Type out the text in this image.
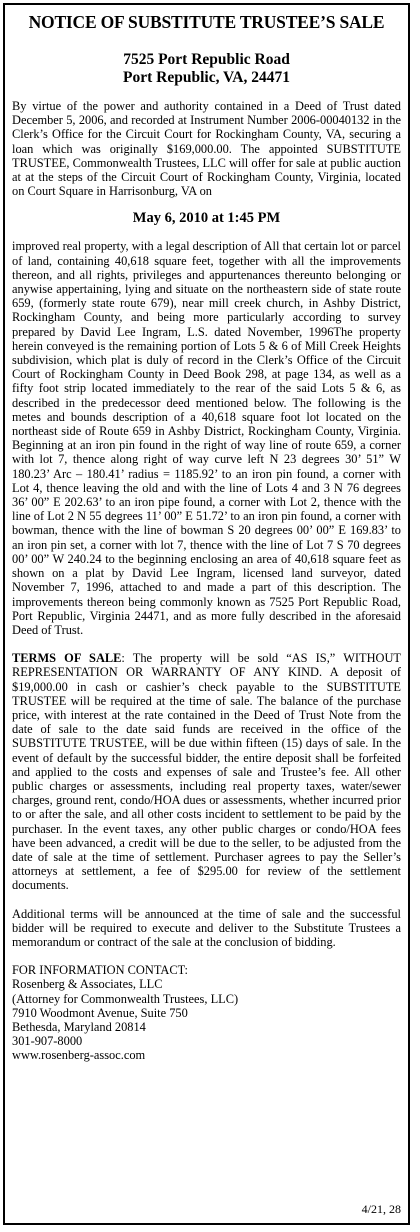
NOTICE OF SUBSTITUTE TRUSTEE’S SALE
7525 Port Republic Road
Port Republic, VA, 24471

By virtue of the power and authority contained in a Deed of Trust dated December 5, 2006, and recorded at Instrument Number 2006-00040132 in the Clerk’s Office for the Circuit Court for Rockingham County, VA, securing a loan which was originally $169,000.00. The appointed SUBSTITUTE TRUSTEE, Commonwealth Trustees, LLC will offer for sale at public auction at at the steps of the Circuit Court of Rockingham County, Virginia, located on Court Square in Harrisonburg, VA on

May 6, 2010 at 1:45 PM

improved real property, with a legal description of All that certain lot or parcel of land, containing 40,618 square feet, together with all the improvements thereon, and all rights, privileges and appurtenances thereunto belonging or anywise appertaining, lying and situate on the northeastern side of state route 659, (formerly state route 679), near mill creek church, in Ashby District, Rockingham County, and being more particularly according to survey prepared by David Lee Ingram, L.S. dated November, 1996The property herein conveyed is the remaining portion of Lots 5 & 6 of Mill Creek Heights subdivision, which plat is duly of record in the Clerk’s Office of the Circuit Court of Rockingham County in Deed Book 298, at page 134, as well as a fifty foot strip located immediately to the rear of the said Lots 5 & 6, as described in the predecessor deed mentioned below. The following is the metes and bounds description of a 40,618 square foot lot located on the northeast side of Route 659 in Ashby District, Rockingham County, Virginia. Beginning at an iron pin found in the right of way line of route 659, a corner with lot 7, thence along right of way curve left N 23 degrees 30’ 51” W 180.23’ Arc – 180.41’ radius = 1185.92’ to an iron pin found, a corner with Lot 4, thence leaving the old and with the line of Lots 4 and 3 N 76 degrees 36’ 00” E 202.63’ to an iron pipe found, a corner with Lot 2, thence with the line of Lot 2 N 55 degrees 11’ 00” E 51.72’ to an iron pin found, a corner with bowman, thence with the line of bowman S 20 degrees 00’ 00” E 169.83’ to an iron pin set, a corner with lot 7, thence with the line of Lot 7 S 70 degrees 00’ 00” W 240.24 to the beginning enclosing an area of 40,618 square feet as shown on a plat by David Lee Ingram, licensed land surveyor, dated November 7, 1996, attached to and made a part of this description. The improvements thereon being commonly known as 7525 Port Republic Road, Port Republic, Virginia 24471, and as more fully described in the aforesaid Deed of Trust.

TERMS OF SALE: The property will be sold “AS IS,” WITHOUT REPRESENTATION OR WARRANTY OF ANY KIND. A deposit of $19,000.00 in cash or cashier’s check payable to the SUBSTITUTE TRUSTEE will be required at the time of sale. The balance of the purchase price, with interest at the rate contained in the Deed of Trust Note from the date of sale to the date said funds are received in the office of the SUBSTITUTE TRUSTEE, will be due within fifteen (15) days of sale. In the event of default by the successful bidder, the entire deposit shall be forfeited and applied to the costs and expenses of sale and Trustee’s fee. All other public charges or assessments, including real property taxes, water/sewer charges, ground rent, condo/HOA dues or assessments, whether incurred prior to or after the sale, and all other costs incident to settlement to be paid by the purchaser. In the event taxes, any other public charges or condo/HOA fees have been advanced, a credit will be due to the seller, to be adjusted from the date of sale at the time of settlement. Purchaser agrees to pay the Seller’s attorneys at settlement, a fee of $295.00 for review of the settlement documents.

Additional terms will be announced at the time of sale and the successful bidder will be required to execute and deliver to the Substitute Trustees a memorandum or contract of the sale at the conclusion of bidding.

FOR INFORMATION CONTACT:
Rosenberg & Associates, LLC
(Attorney for Commonwealth Trustees, LLC)
7910 Woodmont Avenue, Suite 750
Bethesda, Maryland 20814
301-907-8000
www.rosenberg-assoc.com
4/21, 28
